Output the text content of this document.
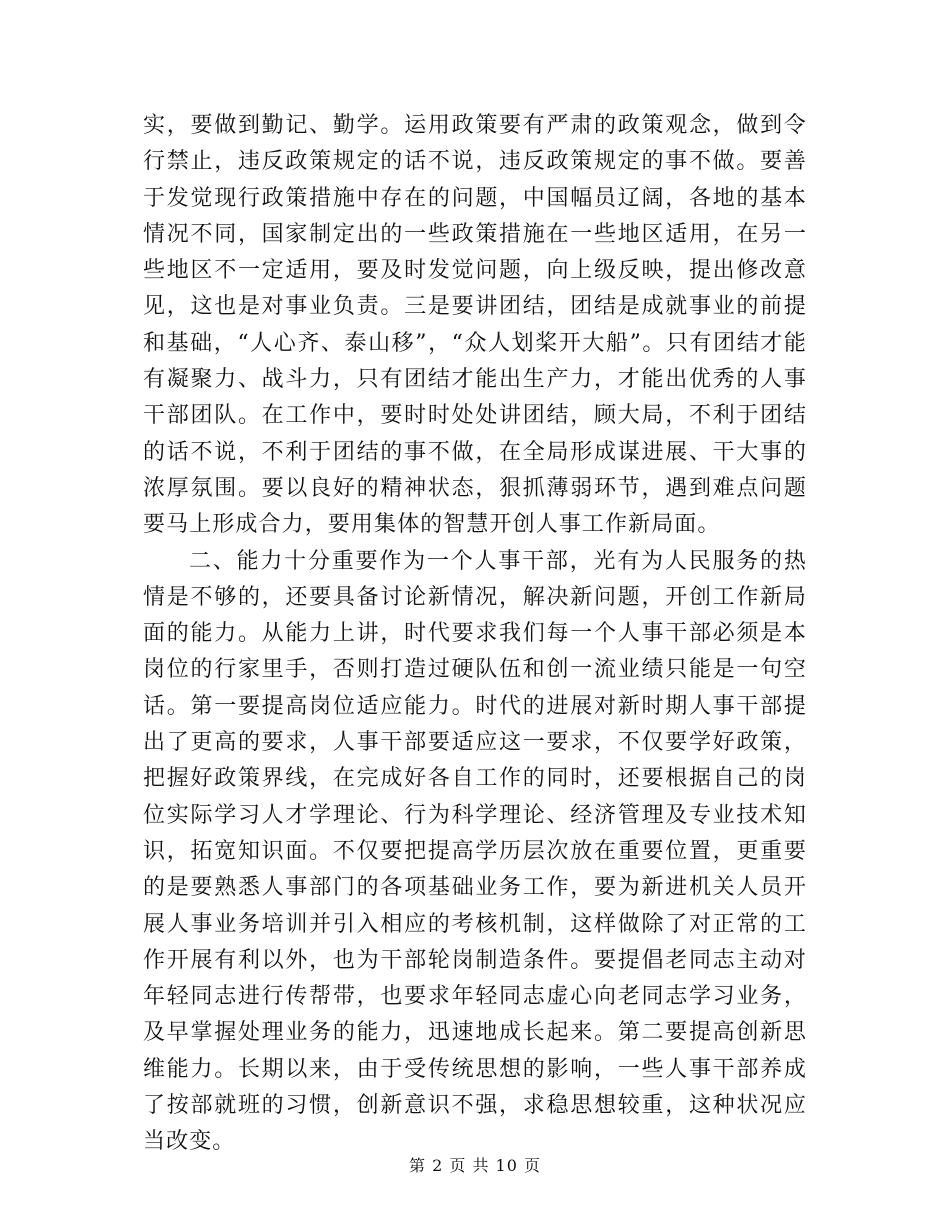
实，要做到勤记、勤学。运用政策要有严肃的政策观念，做到令行禁止，违反政策规定的话不说，违反政策规定的事不做。要善于发觉现行政策措施中存在的问题，中国幅员辽阔，各地的基本情况不同，国家制定出的一些政策措施在一些地区适用，在另一些地区不一定适用，要及时发觉问题，向上级反映，提出修改意见，这也是对事业负责。三是要讲团结，团结是成就事业的前提和基础，“人心齐、泰山移”，“众人划桨开大船”。只有团结才能有凝聚力、战斗力，只有团结才能出生产力，才能出优秀的人事干部团队。在工作中，要时时处处讲团结，顾大局，不利于团结的话不说，不利于团结的事不做，在全局形成谋进展、干大事的浓厚氛围。要以良好的精神状态，狠抓薄弱环节，遇到难点问题要马上形成合力，要用集体的智慧开创人事工作新局面。

二、能力十分重要作为一个人事干部，光有为人民服务的热情是不够的，还要具备讨论新情况，解决新问题，开创工作新局面的能力。从能力上讲，时代要求我们每一个人事干部必须是本岗位的行家里手，否则打造过硬队伍和创一流业绩只能是一句空话。第一要提高岗位适应能力。时代的进展对新时期人事干部提出了更高的要求，人事干部要适应这一要求，不仅要学好政策，把握好政策界线，在完成好各自工作的同时，还要根据自己的岗位实际学习人才学理论、行为科学理论、经济管理及专业技术知识，拓宽知识面。不仅要把提高学历层次放在重要位置，更重要的是要熟悉人事部门的各项基础业务工作，要为新进机关人员开展人事业务培训并引入相应的考核机制，这样做除了对正常的工作开展有利以外，也为干部轮岗制造条件。要提倡老同志主动对年轻同志进行传帮带，也要求年轻同志虚心向老同志学习业务，及早掌握处理业务的能力，迅速地成长起来。第二要提高创新思维能力。长期以来，由于受传统思想的影响，一些人事干部养成了按部就班的习惯，创新意识不强，求稳思想较重，这种状况应当改变。

第 2 页 共 10 页
